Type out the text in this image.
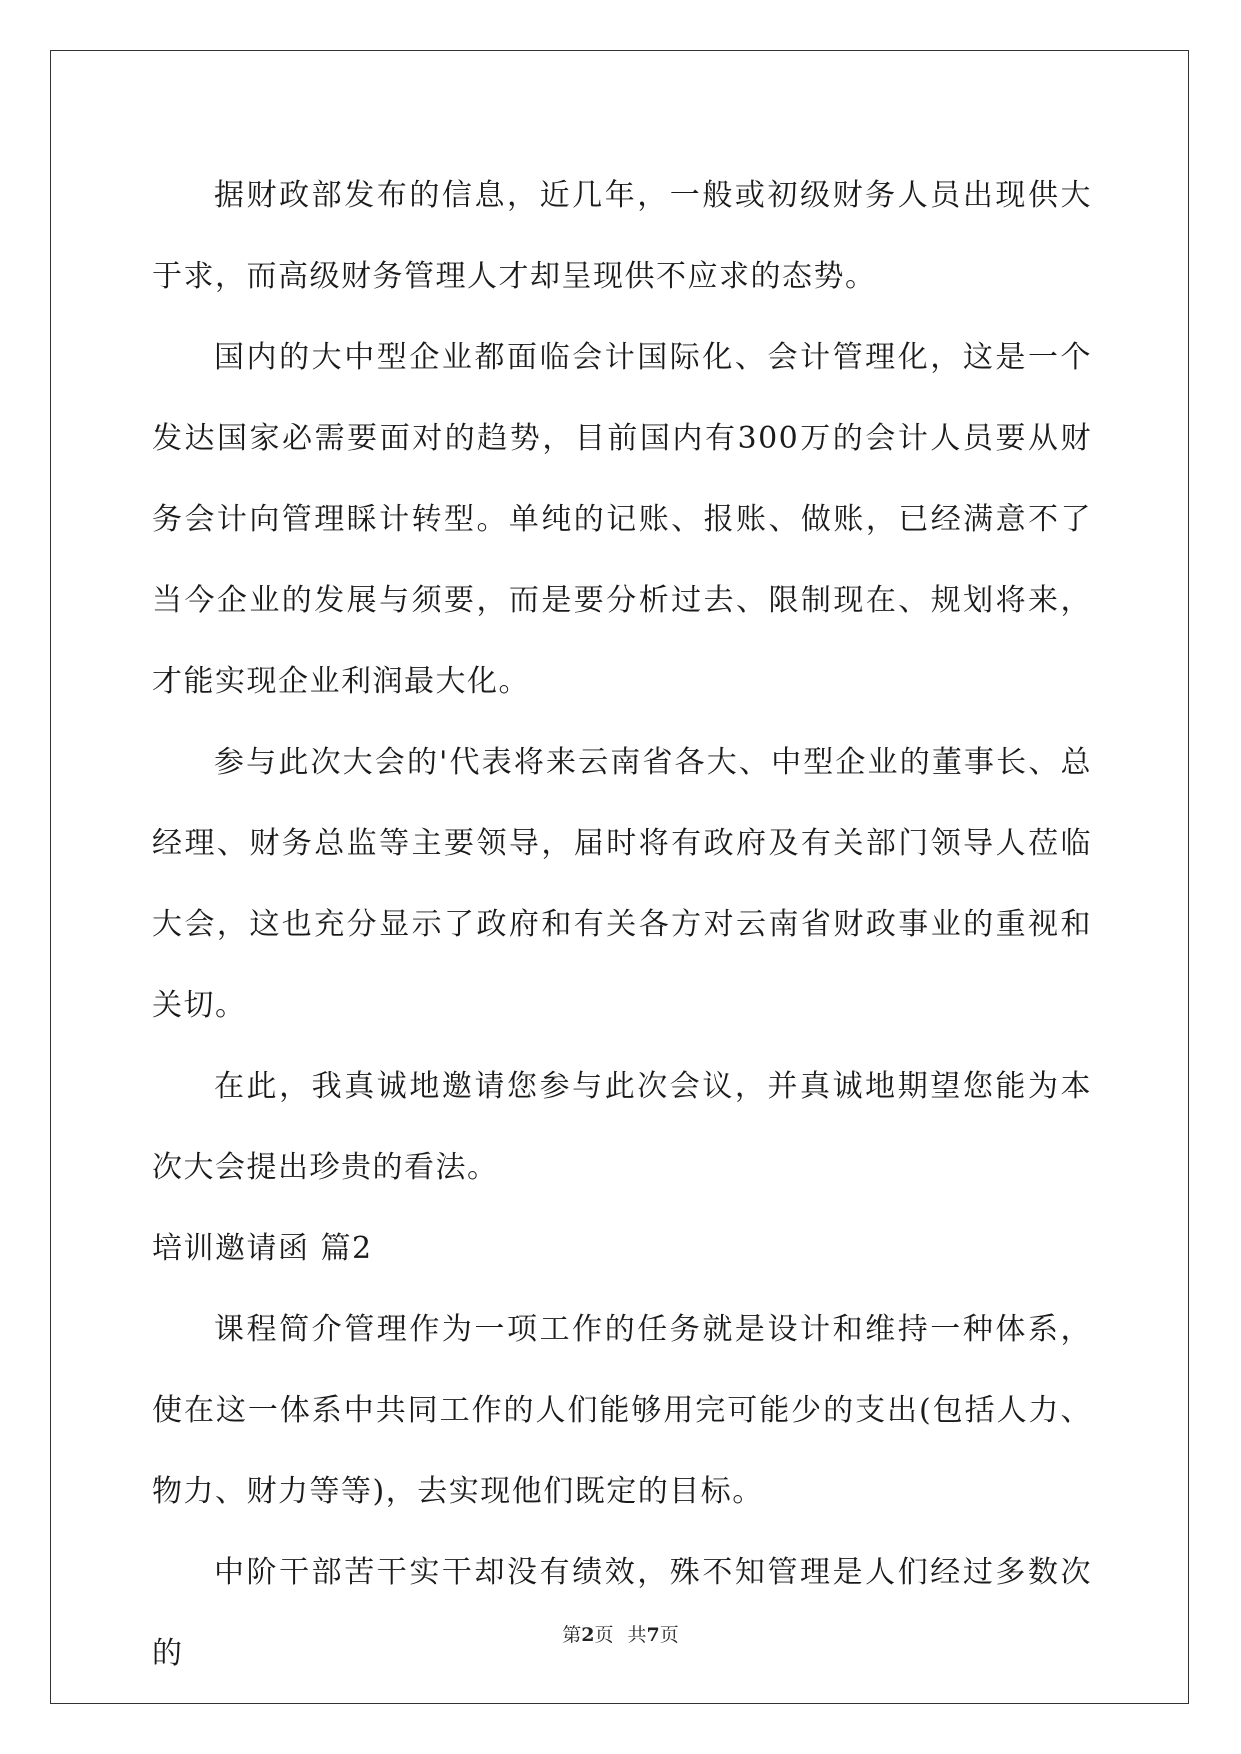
据财政部发布的信息，近几年，一般或初级财务人员出现供大于求，而高级财务管理人才却呈现供不应求的态势。

国内的大中型企业都面临会计国际化、会计管理化，这是一个发达国家必需要面对的趋势，目前国内有300万的会计人员要从财务会计向管理睬计转型。单纯的记账、报账、做账，已经满意不了当今企业的发展与须要，而是要分析过去、限制现在、规划将来，才能实现企业利润最大化。

参与此次大会的'代表将来云南省各大、中型企业的董事长、总经理、财务总监等主要领导，届时将有政府及有关部门领导人莅临大会，这也充分显示了政府和有关各方对云南省财政事业的重视和关切。

在此，我真诚地邀请您参与此次会议，并真诚地期望您能为本次大会提出珍贵的看法。

培训邀请函 篇2

课程简介管理作为一项工作的任务就是设计和维持一种体系，使在这一体系中共同工作的人们能够用完可能少的支出(包括人力、物力、财力等等)，去实现他们既定的目标。

中阶干部苦干实干却没有绩效，殊不知管理是人们经过多数次的

第2页 共7页
